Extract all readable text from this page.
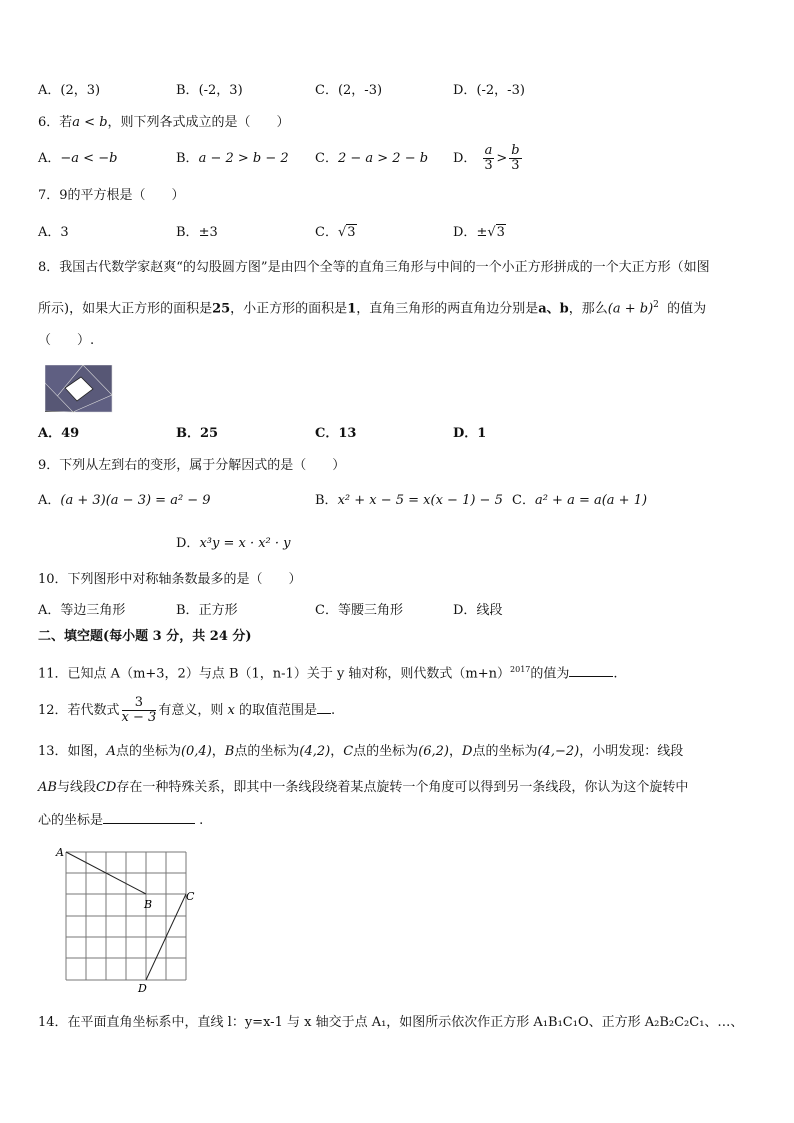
A．(2，3)	B．(-2，3)	C．(2，-3)	D．(-2，-3)
6．若a < b，则下列各式成立的是（　　）
A．−a < −b	B．a − 2 > b − 2 C．2 − a > 2 − b D． $\frac{a}{3} > \frac{b}{3}$
7．9的平方根是（　　）
A．3	B．±3	C．√3	D．±√3
8．我国古代数学家赵爽“的勾股圆方图”是由四个全等的直角三角形与中间的一个小正方形拼成的一个大正方形（如图
所示)，如果大正方形的面积是25，小正方形的面积是1，直角三角形的两直角边分别是a、b，那么$(a + b)^2$ 的值为
（　　）.
A．49	B．25	C．13	D．1
9．下列从左到右的变形，属于分解因式的是（　　）
A．(a + 3)(a − 3) = a² − 9	B．x² + x − 5 = x(x − 1) − 5 C．a² + a = a(a + 1)
D．x³y = x · x² · y
10．下列图形中对称轴条数最多的是（　　）
A．等边三角形	B．正方形	C．等腰三角形	D．线段
二、填空题(每小题 3 分，共 24 分)
11．已知点 A（m+3，2）与点 B（1，n-1）关于 y 轴对称，则代数式$(m+n)^{2017}$的值为	.
12．若代数式 $\frac{3}{x - 3}$ 有意义，则 x 的取值范围是 .
13．如图，A点的坐标为(0,4)，B点的坐标为(4,2)，C点的坐标为(6,2)，D点的坐标为(4,−2)，小明发现：线段
AB与线段CD存在一种特殊关系，即其中一条线段绕着某点旋转一个角度可以得到另一条线段，你认为这个旋转中
心的坐标是	.
A
B
C
D
14．在平面直角坐标系中，直线 l：y=x-1 与 x 轴交于点 A₁，如图所示依次作正方形 A₁B₁C₁O、正方形 A₂B₂C₂C₁、…、
